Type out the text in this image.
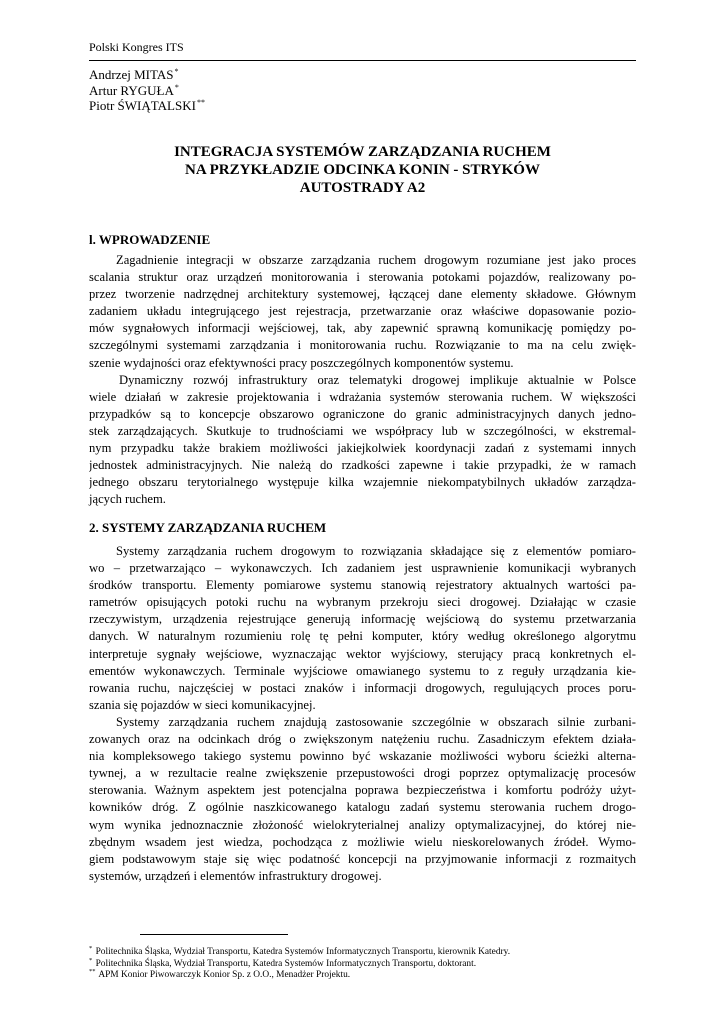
Polski Kongres ITS
Andrzej MITAS*
Artur RYGUŁA*
Piotr ŚWIĄTALSKI**
INTEGRACJA SYSTEMÓW ZARZĄDZANIA RUCHEM
NA PRZYKŁADZIE ODCINKA KONIN - STRYKÓW
AUTOSTRADY A2
l. WPROWADZENIE
Zagadnienie integracji w obszarze zarządzania ruchem drogowym rozumiane jest jako proces
scalania struktur oraz urządzeń monitorowania i sterowania potokami pojazdów, realizowany po-
przez tworzenie nadrzędnej architektury systemowej, łączącej dane elementy składowe. Głównym
zadaniem układu integrującego jest rejestracja, przetwarzanie oraz właściwe dopasowanie pozio-
mów sygnałowych informacji wejściowej, tak, aby zapewnić sprawną komunikację pomiędzy po-
szczególnymi systemami zarządzania i monitorowania ruchu. Rozwiązanie to ma na celu zwięk-
szenie wydajności oraz efektywności pracy poszczególnych komponentów systemu.
Dynamiczny rozwój infrastruktury oraz telematyki drogowej implikuje aktualnie w Polsce
wiele działań w zakresie projektowania i wdrażania systemów sterowania ruchem. W większości
przypadków są to koncepcje obszarowo ograniczone do granic administracyjnych danych jedno-
stek zarządzających. Skutkuje to trudnościami we współpracy lub w szczególności, w ekstremal-
nym przypadku także brakiem możliwości jakiejkolwiek koordynacji zadań z systemami innych
jednostek administracyjnych. Nie należą do rzadkości zapewne i takie przypadki, że w ramach
jednego obszaru terytorialnego występuje kilka wzajemnie niekompatybilnych układów zarządza-
jących ruchem.
2. SYSTEMY ZARZĄDZANIA RUCHEM
Systemy zarządzania ruchem drogowym to rozwiązania składające się z elementów pomiaro-
wo – przetwarzająco – wykonawczych. Ich zadaniem jest usprawnienie komunikacji wybranych
środków transportu. Elementy pomiarowe systemu stanowią rejestratory aktualnych wartości pa-
rametrów opisujących potoki ruchu na wybranym przekroju sieci drogowej. Działając w czasie
rzeczywistym, urządzenia rejestrujące generują informację wejściową do systemu przetwarzania
danych. W naturalnym rozumieniu rolę tę pełni komputer, który według określonego algorytmu
interpretuje sygnały wejściowe, wyznaczając wektor wyjściowy, sterujący pracą konkretnych el-
ementów wykonawczych. Terminale wyjściowe omawianego systemu to z reguły urządzania kie-
rowania ruchu, najczęściej w postaci znaków i informacji drogowych, regulujących proces poru-
szania się pojazdów w sieci komunikacyjnej.
Systemy zarządzania ruchem znajdują zastosowanie szczególnie w obszarach silnie zurbani-
zowanych oraz na odcinkach dróg o zwiększonym natężeniu ruchu. Zasadniczym efektem działa-
nia kompleksowego takiego systemu powinno być wskazanie możliwości wyboru ścieżki alterna-
tywnej, a w rezultacie realne zwiększenie przepustowości drogi poprzez optymalizację procesów
sterowania. Ważnym aspektem jest potencjalna poprawa bezpieczeństwa i komfortu podróży użyt-
kowników dróg. Z ogólnie naszkicowanego katalogu zadań systemu sterowania ruchem drogo-
wym wynika jednoznacznie złożoność wielokryterialnej analizy optymalizacyjnej, do której nie-
zbędnym wsadem jest wiedza, pochodząca z możliwie wielu nieskorelowanych źródeł. Wymo-
giem podstawowym staje się więc podatność koncepcji na przyjmowanie informacji z rozmaitych
systemów, urządzeń i elementów infrastruktury drogowej.
* Politechnika Śląska, Wydział Transportu, Katedra Systemów Informatycznych Transportu, kierownik Katedry.
* Politechnika Śląska, Wydział Transportu, Katedra Systemów Informatycznych Transportu, doktorant.
** APM Konior Piwowarczyk Konior Sp. z O.O., Menadżer Projektu.
